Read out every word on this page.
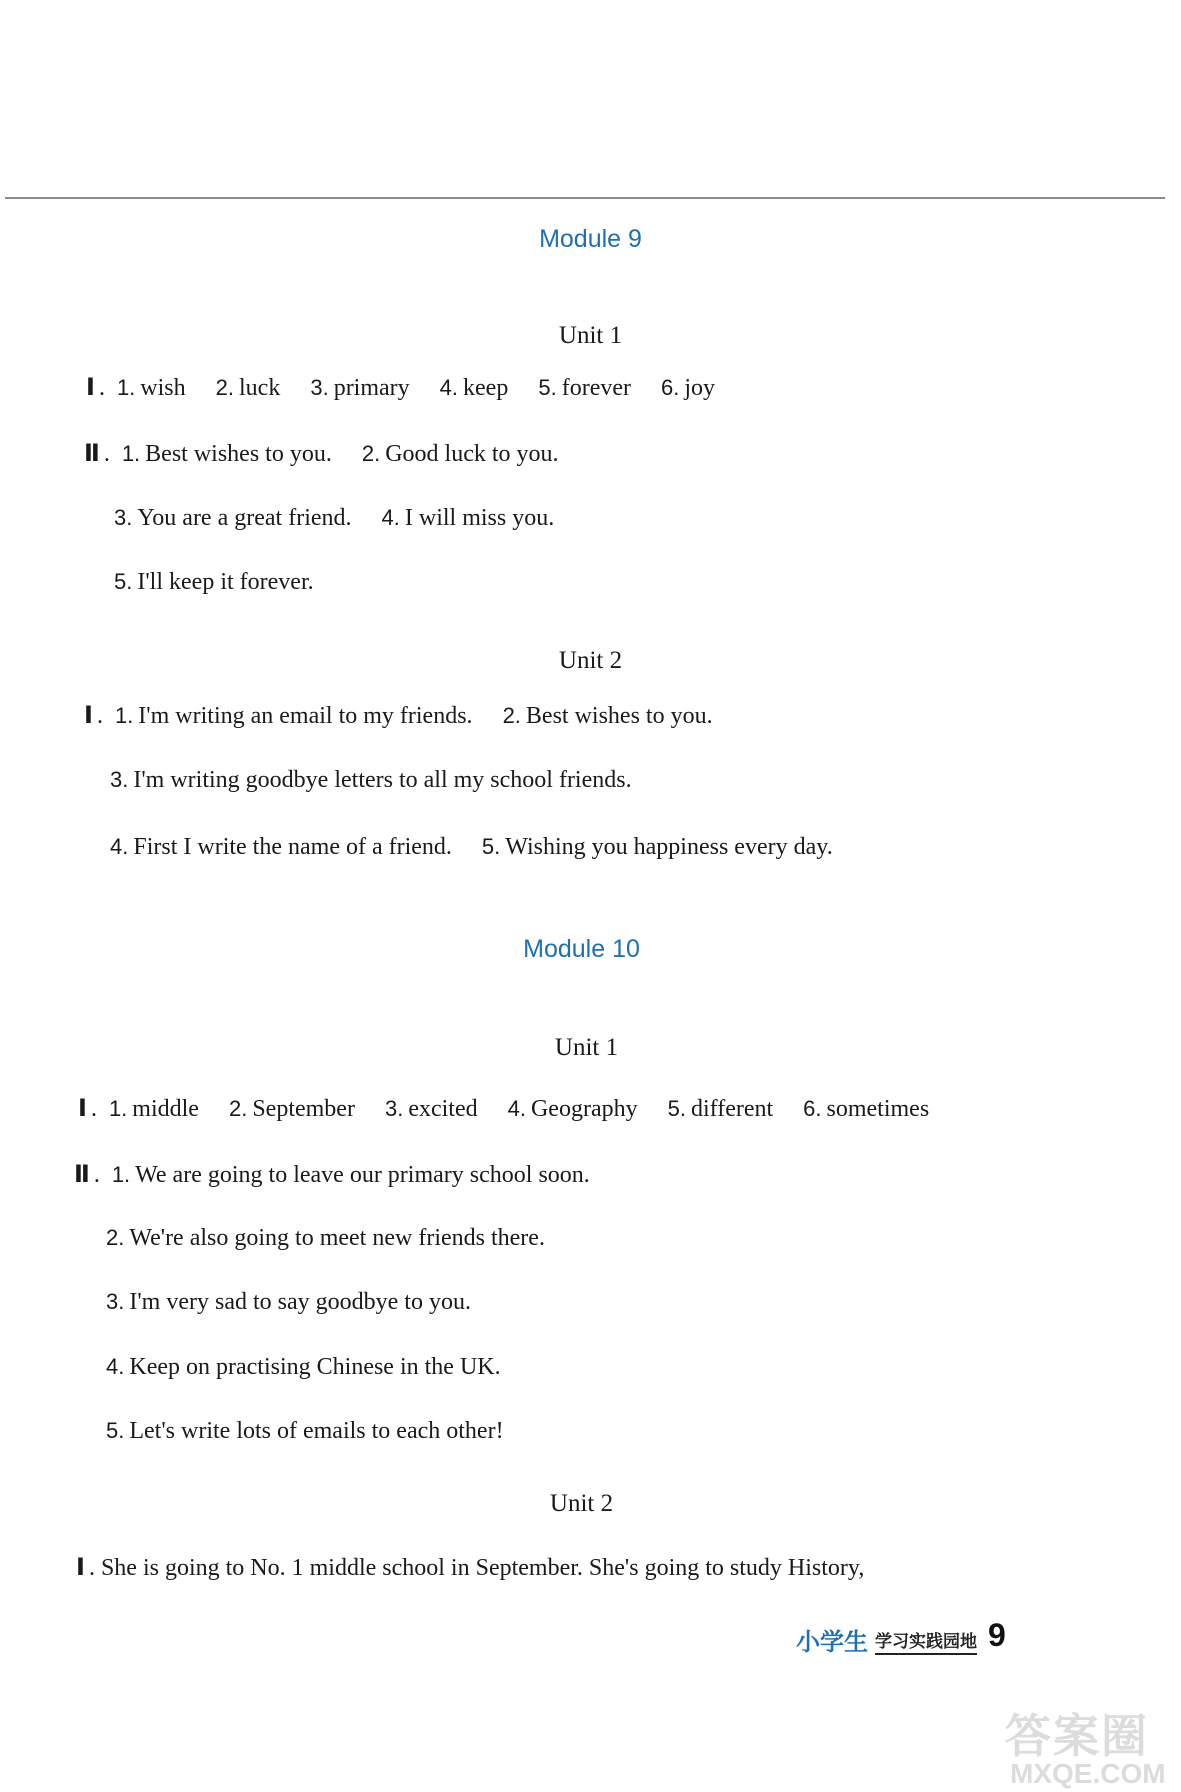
Module 9
Unit 1
Ⅰ . 1. wish 2. luck 3. primary 4. keep 5. forever 6. joy
Ⅱ . 1. Best wishes to you. 2. Good luck to you.
3. You are a great friend. 4. I will miss you.
5. I'll keep it forever.
Unit 2
Ⅰ . 1. I'm writing an email to my friends. 2. Best wishes to you.
3. I'm writing goodbye letters to all my school friends.
4. First I write the name of a friend. 5. Wishing you happiness every day.
Module 10
Unit 1
Ⅰ . 1. middle 2. September 3. excited 4. Geography 5. different 6. sometimes
Ⅱ . 1. We are going to leave our primary school soon.
2. We're also going to meet new friends there.
3. I'm very sad to say goodbye to you.
4. Keep on practising Chinese in the UK.
5. Let's write lots of emails to each other!
Unit 2
Ⅰ . She is going to No. 1 middle school in September. She's going to study History,
小学生 学习实践园地 9
答案圈
MXQE.COM
